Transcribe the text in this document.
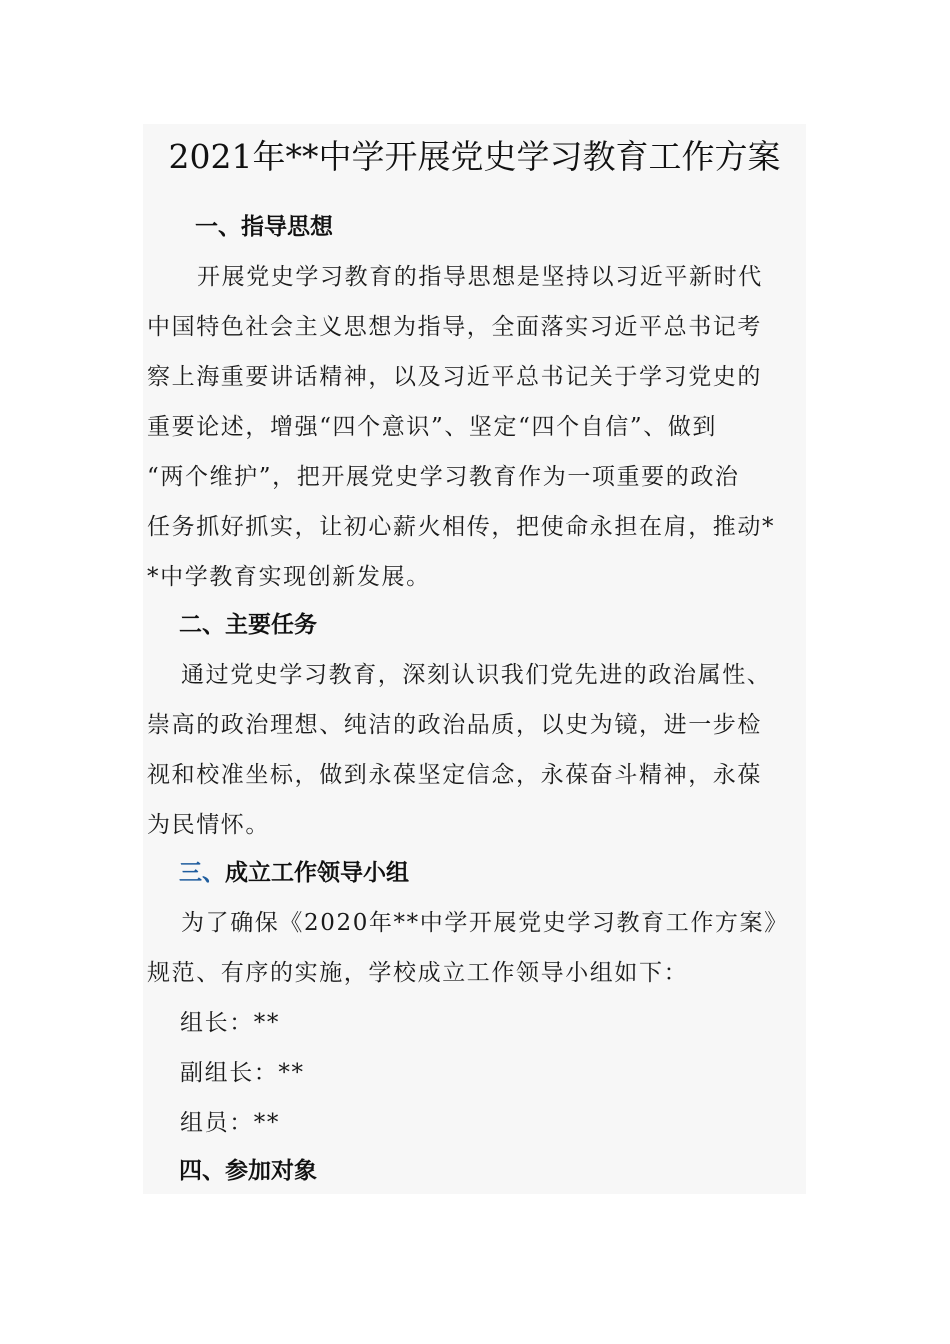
2021年**中学开展党史学习教育工作方案
一、指导思想
开展党史学习教育的指导思想是坚持以习近平新时代
中国特色社会主义思想为指导，全面落实习近平总书记考
察上海重要讲话精神，以及习近平总书记关于学习党史的
重要论述，增强“四个意识”、坚定“四个自信”、做到
“两个维护”，把开展党史学习教育作为一项重要的政治
任务抓好抓实，让初心薪火相传，把使命永担在肩，推动*
*中学教育实现创新发展。
二、主要任务
通过党史学习教育，深刻认识我们党先进的政治属性、
崇高的政治理想、纯洁的政治品质，以史为镜，进一步检
视和校准坐标，做到永葆坚定信念，永葆奋斗精神，永葆
为民情怀。
三、成立工作领导小组
为了确保《2020年**中学开展党史学习教育工作方案》
规范、有序的实施，学校成立工作领导小组如下：

组长：**

副组长：**

组员：**

四、参加对象
